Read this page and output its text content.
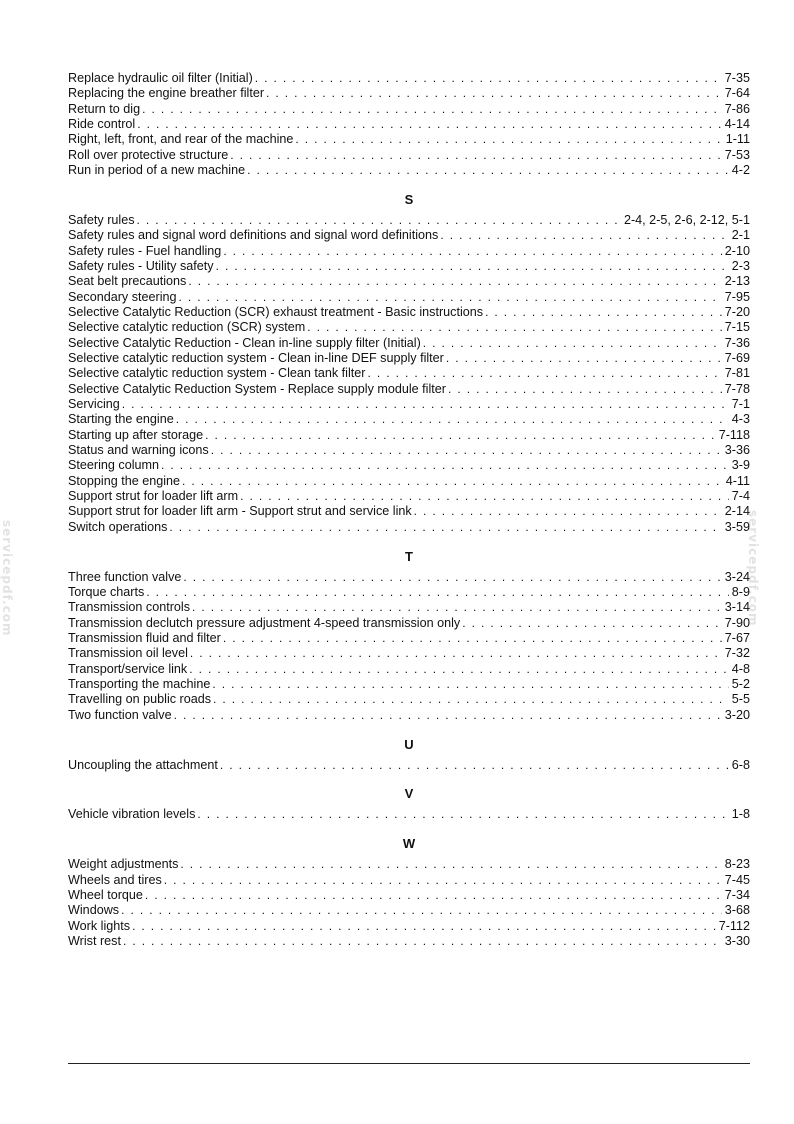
servicepdf.com	servicepdf.com
Replace hydraulic oil filter (Initial) . . .	7-35
Replacing the engine breather filter . . .	7-64
Return to dig . . .	7-86
Ride control . . .	4-14
Right, left, front, and rear of the machine . . .	1-11
Roll over protective structure . . .	7-53
Run in period of a new machine . . .	4-2
S
Safety rules . . .	2-4, 2-5, 2-6, 2-12, 5-1
Safety rules and signal word definitions and signal word definitions . . .	2-1
Safety rules - Fuel handling . . .	2-10
Safety rules - Utility safety . . .	2-3
Seat belt precautions . . .	2-13
Secondary steering . . .	7-95
Selective Catalytic Reduction (SCR) exhaust treatment - Basic instructions . . .	7-20
Selective catalytic reduction (SCR) system . . .	7-15
Selective Catalytic Reduction - Clean in-line supply filter (Initial) . . .	7-36
Selective catalytic reduction system - Clean in-line DEF supply filter . . .	7-69
Selective catalytic reduction system - Clean tank filter . . .	7-81
Selective Catalytic Reduction System - Replace supply module filter . . .	7-78
Servicing . . .	7-1
Starting the engine . . .	4-3
Starting up after storage . . .	7-118
Status and warning icons . . .	3-36
Steering column . . .	3-9
Stopping the engine . . .	4-11
Support strut for loader lift arm . . .	7-4
Support strut for loader lift arm - Support strut and service link . . .	2-14
Switch operations . . .	3-59
T
Three function valve . . .	3-24
Torque charts . . .	8-9
Transmission controls . . .	3-14
Transmission declutch pressure adjustment 4-speed transmission only . . .	7-90
Transmission fluid and filter . . .	7-67
Transmission oil level . . .	7-32
Transport/service link . . .	4-8
Transporting the machine . . .	5-2
Travelling on public roads . . .	5-5
Two function valve . . .	3-20
U
Uncoupling the attachment . . .	6-8
V
Vehicle vibration levels . . .	1-8
W
Weight adjustments . . .	8-23
Wheels and tires . . .	7-45
Wheel torque . . .	7-34
Windows . . .	3-68
Work lights . . .	7-112
Wrist rest . . .	3-30
